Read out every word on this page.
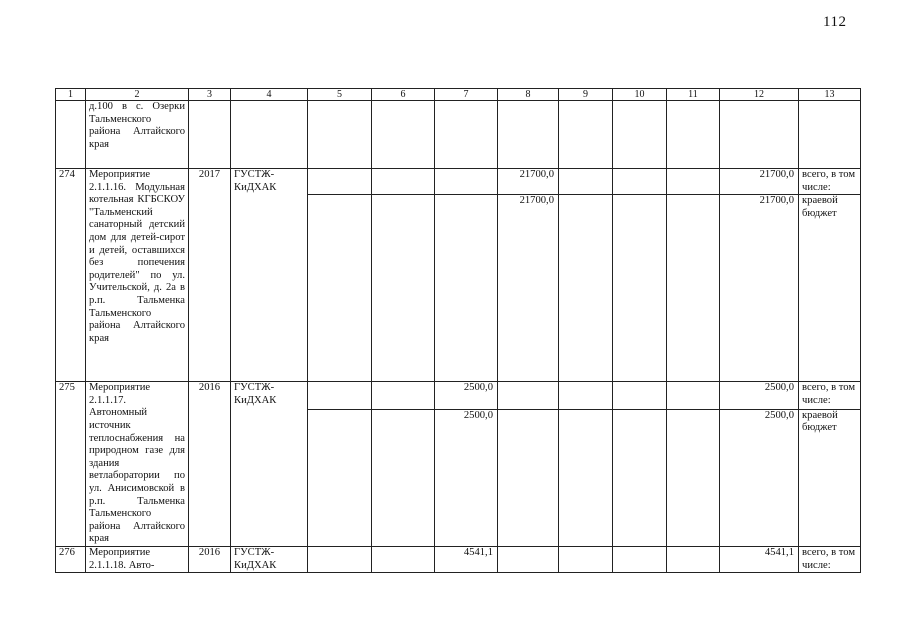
112
1	2	3	4	5	6	7	8	9	10	11	12	13
	д.100 в с. Озерки Тальменского района Алтайского края											
274	Мероприятие 2.1.1.16. Модульная котельная КГБСКОУ "Тальменский санаторный детский дом для детей-сирот и детей, оставшихся без попечения родителей" по ул. Учительской, д. 2а в р.п. Тальменка Тальменского района Алтайского края	2017	ГУСТЖ-КиДХАК				21700,0				21700,0	всего, в том числе:
							21700,0				21700,0	краевой бюджет
275	Мероприятие 2.1.1.17. Автономный источник теплоснабжения на природном газе для здания ветлаборатории по ул. Анисимовской в р.п. Тальменка Тальменского района Алтайского края	2016	ГУСТЖ-КиДХАК			2500,0					2500,0	всего, в том числе:
						2500,0					2500,0	краевой бюджет
276	Мероприятие 2.1.1.18. Авто-	2016	ГУСТЖ-КиДХАК			4541,1					4541,1	всего, в том числе:
